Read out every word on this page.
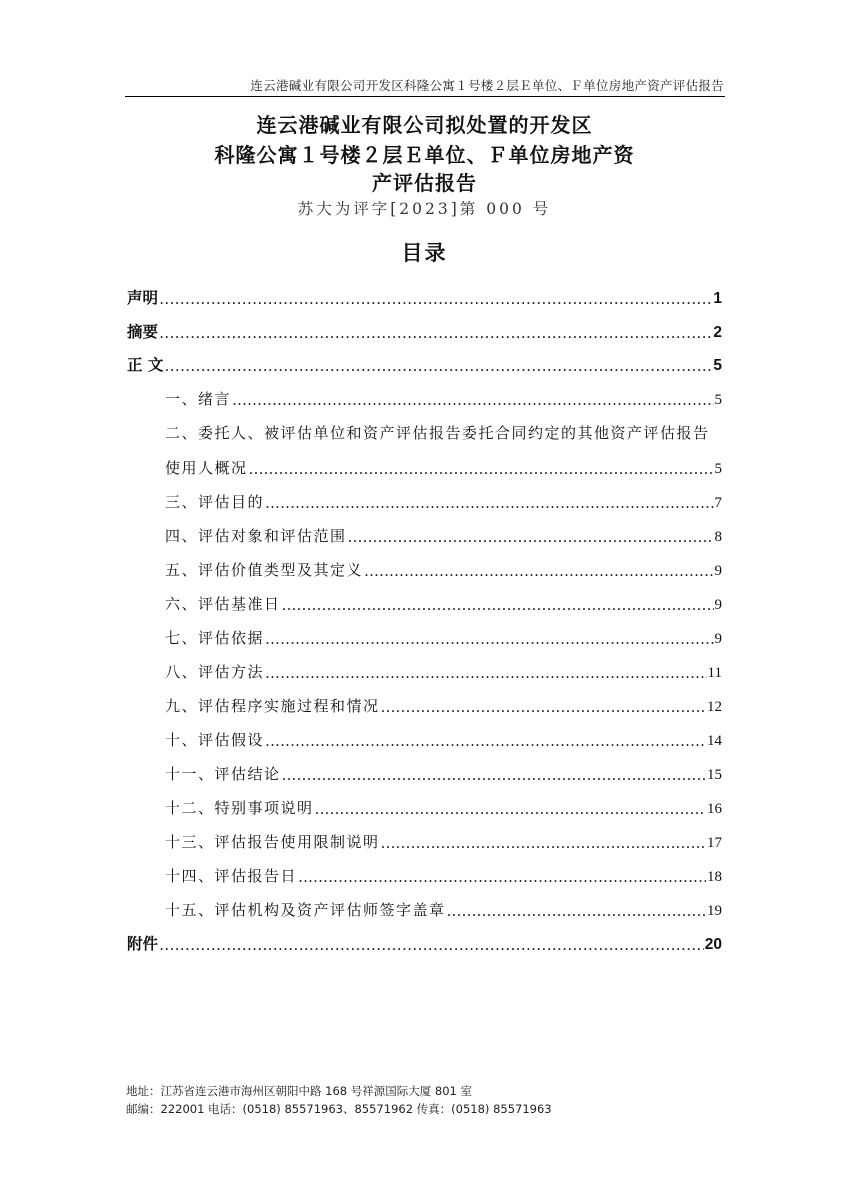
连云港碱业有限公司开发区科隆公寓１号楼２层Ｅ单位、Ｆ单位房地产资产评估报告
连云港碱业有限公司拟处置的开发区
科隆公寓１号楼２层Ｅ单位、Ｆ单位房地产资
产评估报告
苏大为评字[2023]第 000 号
目录
声明 …………………………………………………………………………………………………………………………………………………………………………………………………………	1
摘要 …………………………………………………………………………………………………………………………………………………………………………………………………………	2
正 文 …………………………………………………………………………………………………………………………………………………………………………………………………………	5
一、绪言 …………………………………………………………………………………………………………………………………………………………………………………………………………	5
二、委托人、被评估单位和资产评估报告委托合同约定的其他资产评估报告
使用人概况 …………………………………………………………………………………………………………………………………………………………………………………………………………	5
三、评估目的 …………………………………………………………………………………………………………………………………………………………………………………………………………	7
四、评估对象和评估范围 …………………………………………………………………………………………………………………………………………………………………………………………………………	8
五、评估价值类型及其定义 …………………………………………………………………………………………………………………………………………………………………………………………………………	9
六、评估基准日 …………………………………………………………………………………………………………………………………………………………………………………………………………	9
七、评估依据 …………………………………………………………………………………………………………………………………………………………………………………………………………	9
八、评估方法 …………………………………………………………………………………………………………………………………………………………………………………………………………	11
九、评估程序实施过程和情况 …………………………………………………………………………………………………………………………………………………………………………………………………………	12
十、评估假设 …………………………………………………………………………………………………………………………………………………………………………………………………………	14
十一、评估结论 …………………………………………………………………………………………………………………………………………………………………………………………………………	15
十二、特别事项说明 …………………………………………………………………………………………………………………………………………………………………………………………………………	16
十三、评估报告使用限制说明 …………………………………………………………………………………………………………………………………………………………………………………………………………	17
十四、评估报告日 …………………………………………………………………………………………………………………………………………………………………………………………………………	18
十五、评估机构及资产评估师签字盖章 …………………………………………………………………………………………………………………………………………………………………………………………………………	19
附件 …………………………………………………………………………………………………………………………………………………………………………………………………………	20
地址：江苏省连云港市海州区朝阳中路 168 号祥源国际大厦 801 室
邮编：222001 电话：(0518) 85571963、85571962 传真：(0518) 85571963
